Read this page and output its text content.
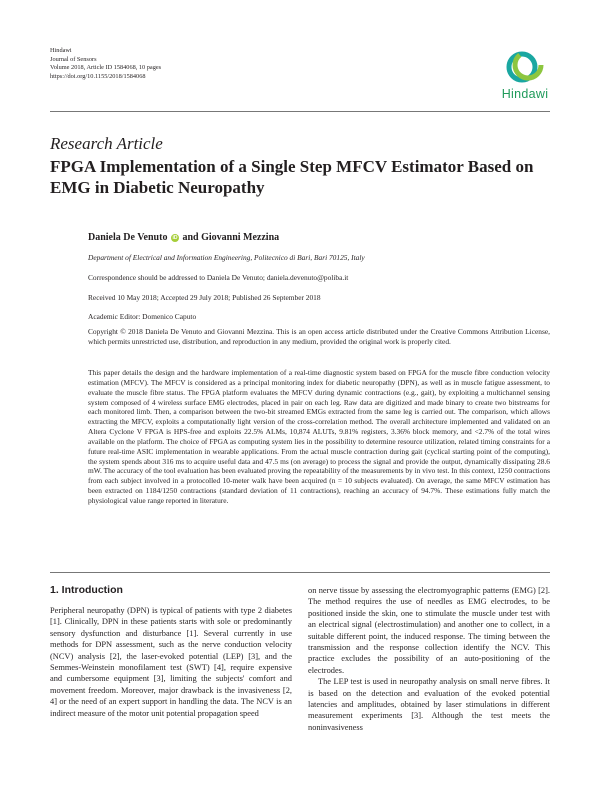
Hindawi
Journal of Sensors
Volume 2018, Article ID 1584068, 10 pages
https://doi.org/10.1155/2018/1584068
Hindawi
Research Article
FPGA Implementation of a Single Step MFCV Estimator Based on EMG in Diabetic Neuropathy
Daniela De Venuto iD and Giovanni Mezzina
Department of Electrical and Information Engineering, Politecnico di Bari, Bari 70125, Italy
Correspondence should be addressed to Daniela De Venuto; daniela.devenuto@poliba.it
Received 10 May 2018; Accepted 29 July 2018; Published 26 September 2018
Academic Editor: Domenico Caputo
Copyright © 2018 Daniela De Venuto and Giovanni Mezzina. This is an open access article distributed under the Creative Commons Attribution License, which permits unrestricted use, distribution, and reproduction in any medium, provided the original work is properly cited.
This paper details the design and the hardware implementation of a real-time diagnostic system based on FPGA for the muscle fibre conduction velocity estimation (MFCV). The MFCV is considered as a principal monitoring index for diabetic neuropathy (DPN), as well as in muscle fatigue assessment, to evaluate the muscle fibre status. The FPGA platform evaluates the MFCV during dynamic contractions (e.g., gait), by exploiting a multichannel sensing system composed of 4 wireless surface EMG electrodes, placed in pair on each leg. Raw data are digitized and made binary to create two bitstreams for each monitored limb. Then, a comparison between the two-bit streamed EMGs extracted from the same leg is carried out. The comparison, which allows extracting the MFCV, exploits a computationally light version of the cross-correlation method. The overall architecture implemented and validated on an Altera Cyclone V FPGA is HPS-free and exploits 22.5% ALMs, 10,874 ALUTs, 9.81% registers, 3.36% block memory, and <2.7% of the total wires available on the platform. The choice of FPGA as computing system lies in the possibility to determine resource utilization, related timing constraints for a future real-time ASIC implementation in wearable applications. From the actual muscle contraction during gait (cyclical starting point of the computing), the system spends about 316 ms to acquire useful data and 47.5 ms (on average) to process the signal and provide the output, dynamically dissipating 28.6 mW. The accuracy of the tool evaluation has been evaluated proving the repeatability of the measurements by in vivo test. In this context, 1250 contractions from each subject involved in a protocolled 10-meter walk have been acquired (n = 10 subjects evaluated). On average, the same MFCV estimation has been extracted on 1184/1250 contractions (standard deviation of 11 contractions), reaching an accuracy of 94.7%. These estimations fully match the physiological value range reported in literature.
1. Introduction

Peripheral neuropathy (DPN) is typical of patients with type 2 diabetes [1]. Clinically, DPN in these patients starts with sole or predominantly sensory dysfunction and disturbance [1]. Several currently in use methods for DPN assessment, such as the nerve conduction velocity (NCV) analysis [2], the laser-evoked potential (LEP) [3], and the Semmes-Weinstein monofilament test (SWT) [4], require expensive and cumbersome equipment [3], limiting the subjects' comfort and movement freedom. Moreover, major drawback is the invasiveness [2, 4] or the need of an expert support in handling the data. The NCV is an indirect measure of the motor unit potential propagation speed

on nerve tissue by assessing the electromyographic patterns (EMG) [2]. The method requires the use of needles as EMG electrodes, to be positioned inside the skin, one to stimulate the muscle under test with an electrical signal (electrostimulation) and another one to collect, in a suitable different point, the induced response. The timing between the transmission and the response collection identify the NCV. This practice excludes the possibility of an auto-positioning of the electrodes.

The LEP test is used in neuropathy analysis on small nerve fibres. It is based on the detection and evaluation of the evoked potential latencies and amplitudes, obtained by laser stimulations in different measurement experiments [3]. Although the test meets the noninvasiveness
